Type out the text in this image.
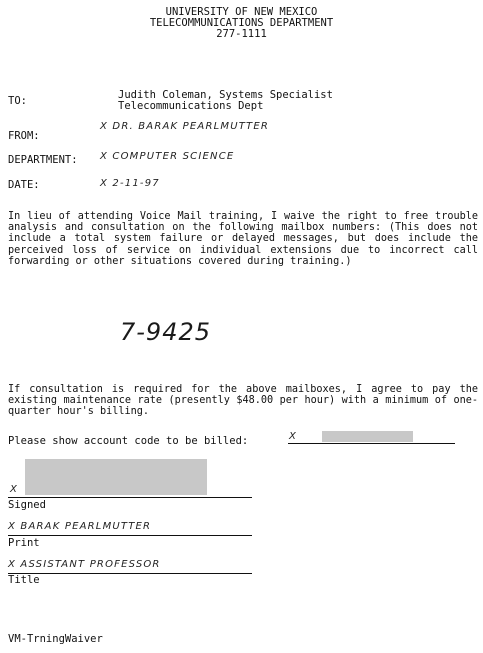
UNIVERSITY OF NEW MEXICO
TELECOMMUNICATIONS DEPARTMENT
277-1111
TO:	Judith Coleman, Systems Specialist
Telecommunications Dept
FROM:
X DR. BARAK PEARLMUTTER
DEPARTMENT: X COMPUTER SCIENCE
DATE:	X 2-11-97
In lieu of attending Voice Mail training, I waive the right to free trouble analysis and consultation on the following mailbox numbers: (This does not include a total system failure or delayed messages, but does include the perceived loss of service on individual extensions due to incorrect call forwarding or other situations covered during training.)
7-9425
If consultation is required for the above mailboxes, I agree to pay the existing maintenance rate (presently $48.00 per hour) with a minimum of one-quarter hour's billing.
Please show account code to be billed:	X
X
Signed
X BARAK PEARLMUTTER
Print
X ASSISTANT PROFESSOR
Title
VM-TrningWaiver
